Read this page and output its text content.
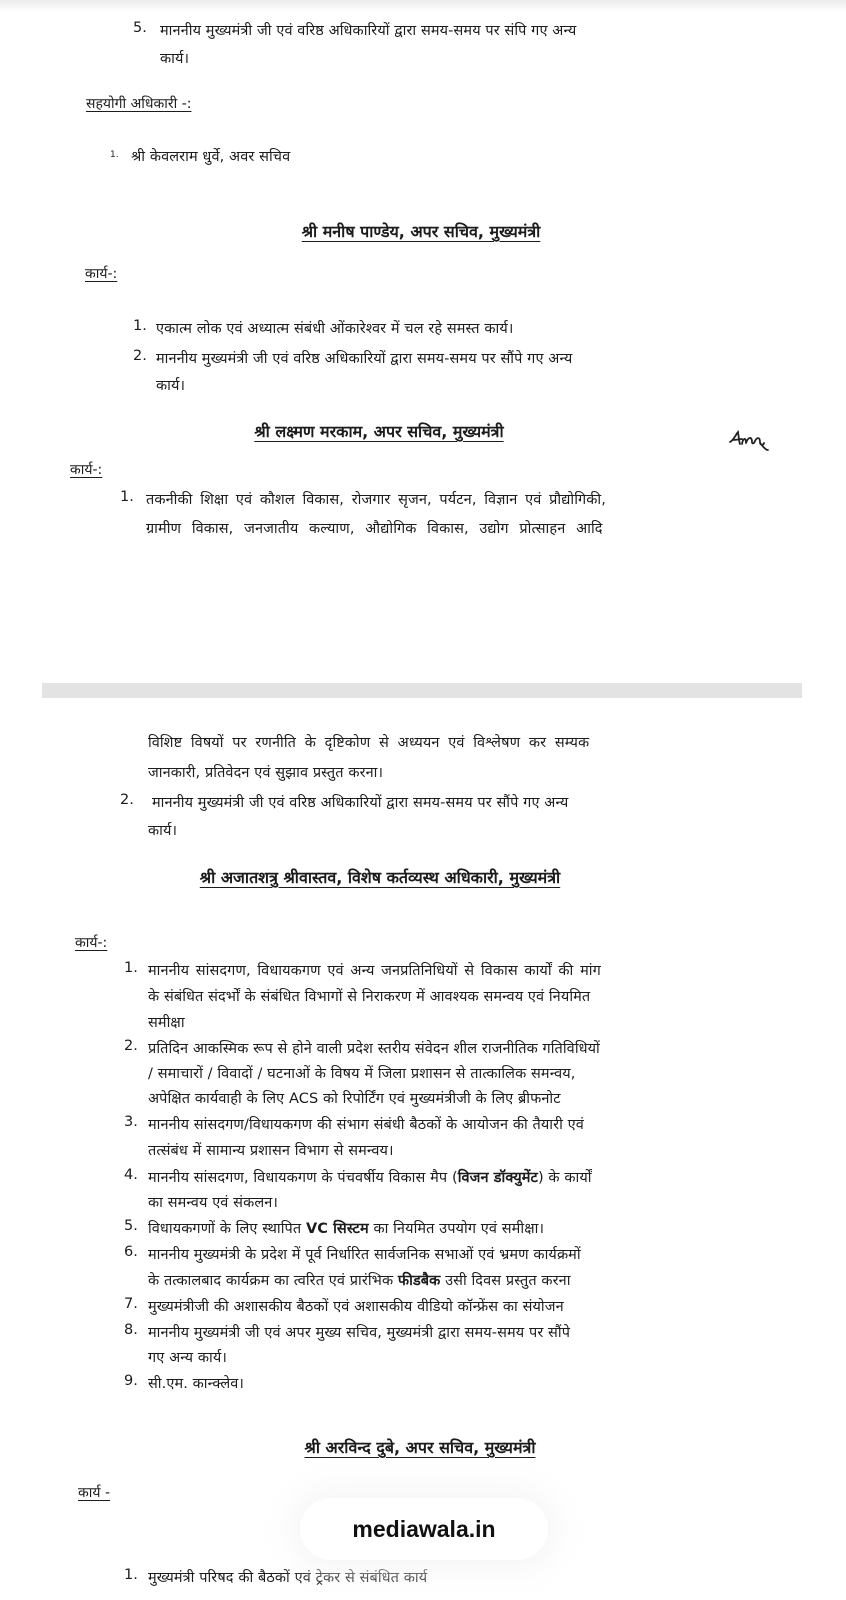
5. माननीय मुख्यमंत्री जी एवं वरिष्ठ अधिकारियों द्वारा समय-समय पर संपि गए अन्य
कार्य।
सहयोगी अधिकारी -:
1. श्री केवलराम धुर्वे, अवर सचिव
श्री मनीष पाण्डेय, अपर सचिव, मुख्यमंत्री
कार्य-:
1. एकात्म लोक एवं अध्यात्म संबंधी ओंकारेश्वर में चल रहे समस्त कार्य।
2. माननीय मुख्यमंत्री जी एवं वरिष्ठ अधिकारियों द्वारा समय-समय पर सौंपे गए अन्य
कार्य।
श्री लक्ष्मण मरकाम, अपर सचिव, मुख्यमंत्री
कार्य-:
1. तकनीकी शिक्षा एवं कौशल विकास, रोजगार सृजन, पर्यटन, विज्ञान एवं प्रौद्योगिकी,
ग्रामीण विकास, जनजातीय कल्याण, औद्योगिक विकास, उद्योग प्रोत्साहन आदि
विशिष्ट विषयों पर रणनीति के दृष्टिकोण से अध्ययन एवं विश्लेषण कर सम्यक
जानकारी, प्रतिवेदन एवं सुझाव प्रस्तुत करना।
2. माननीय मुख्यमंत्री जी एवं वरिष्ठ अधिकारियों द्वारा समय-समय पर सौंपे गए अन्य
कार्य।
श्री अजातशत्रु श्रीवास्तव, विशेष कर्तव्यस्थ अधिकारी, मुख्यमंत्री
कार्य-:
1. माननीय सांसदगण, विधायकगण एवं अन्य जनप्रतिनिधियों से विकास कार्यों की मांग
के संबंधित संदर्भों के संबंधित विभागों से निराकरण में आवश्यक समन्वय एवं नियमित
समीक्षा
2. प्रतिदिन आकस्मिक रूप से होने वाली प्रदेश स्तरीय संवेदन शील राजनीतिक गतिविधियों
/ समाचारों / विवादों / घटनाओं के विषय में जिला प्रशासन से तात्कालिक समन्वय,
अपेक्षित कार्यवाही के लिए ACS को रिपोर्टिंग एवं मुख्यमंत्रीजी के लिए ब्रीफनोट
3. माननीय सांसदगण/विधायकगण की संभाग संबंधी बैठकों के आयोजन की तैयारी एवं
तत्संबंध में सामान्य प्रशासन विभाग से समन्वय।
4. माननीय सांसदगण, विधायकगण के पंचवर्षीय विकास मैप (विजन डॉक्युमेंट) के कार्यों
का समन्वय एवं संकलन।
5. विधायकगणों के लिए स्थापित VC सिस्टम का नियमित उपयोग एवं समीक्षा।
6. माननीय मुख्यमंत्री के प्रदेश में पूर्व निर्धारित सार्वजनिक सभाओं एवं भ्रमण कार्यक्रमों
के तत्कालबाद कार्यक्रम का त्वरित एवं प्रारंभिक फीडबैक उसी दिवस प्रस्तुत करना
7. मुख्यमंत्रीजी की अशासकीय बैठकों एवं अशासकीय वीडियो कॉन्फ्रेंस का संयोजन
8. माननीय मुख्यमंत्री जी एवं अपर मुख्य सचिव, मुख्यमंत्री द्वारा समय-समय पर सौंपे
गए अन्य कार्य।
9. सी.एम. कान्क्लेव।
श्री अरविन्द दुबे, अपर सचिव, मुख्यमंत्री
कार्य -
1. मुख्यमंत्री परिषद की बैठकों एवं ट्रेकर से संबंधित कार्य
mediawala.in
